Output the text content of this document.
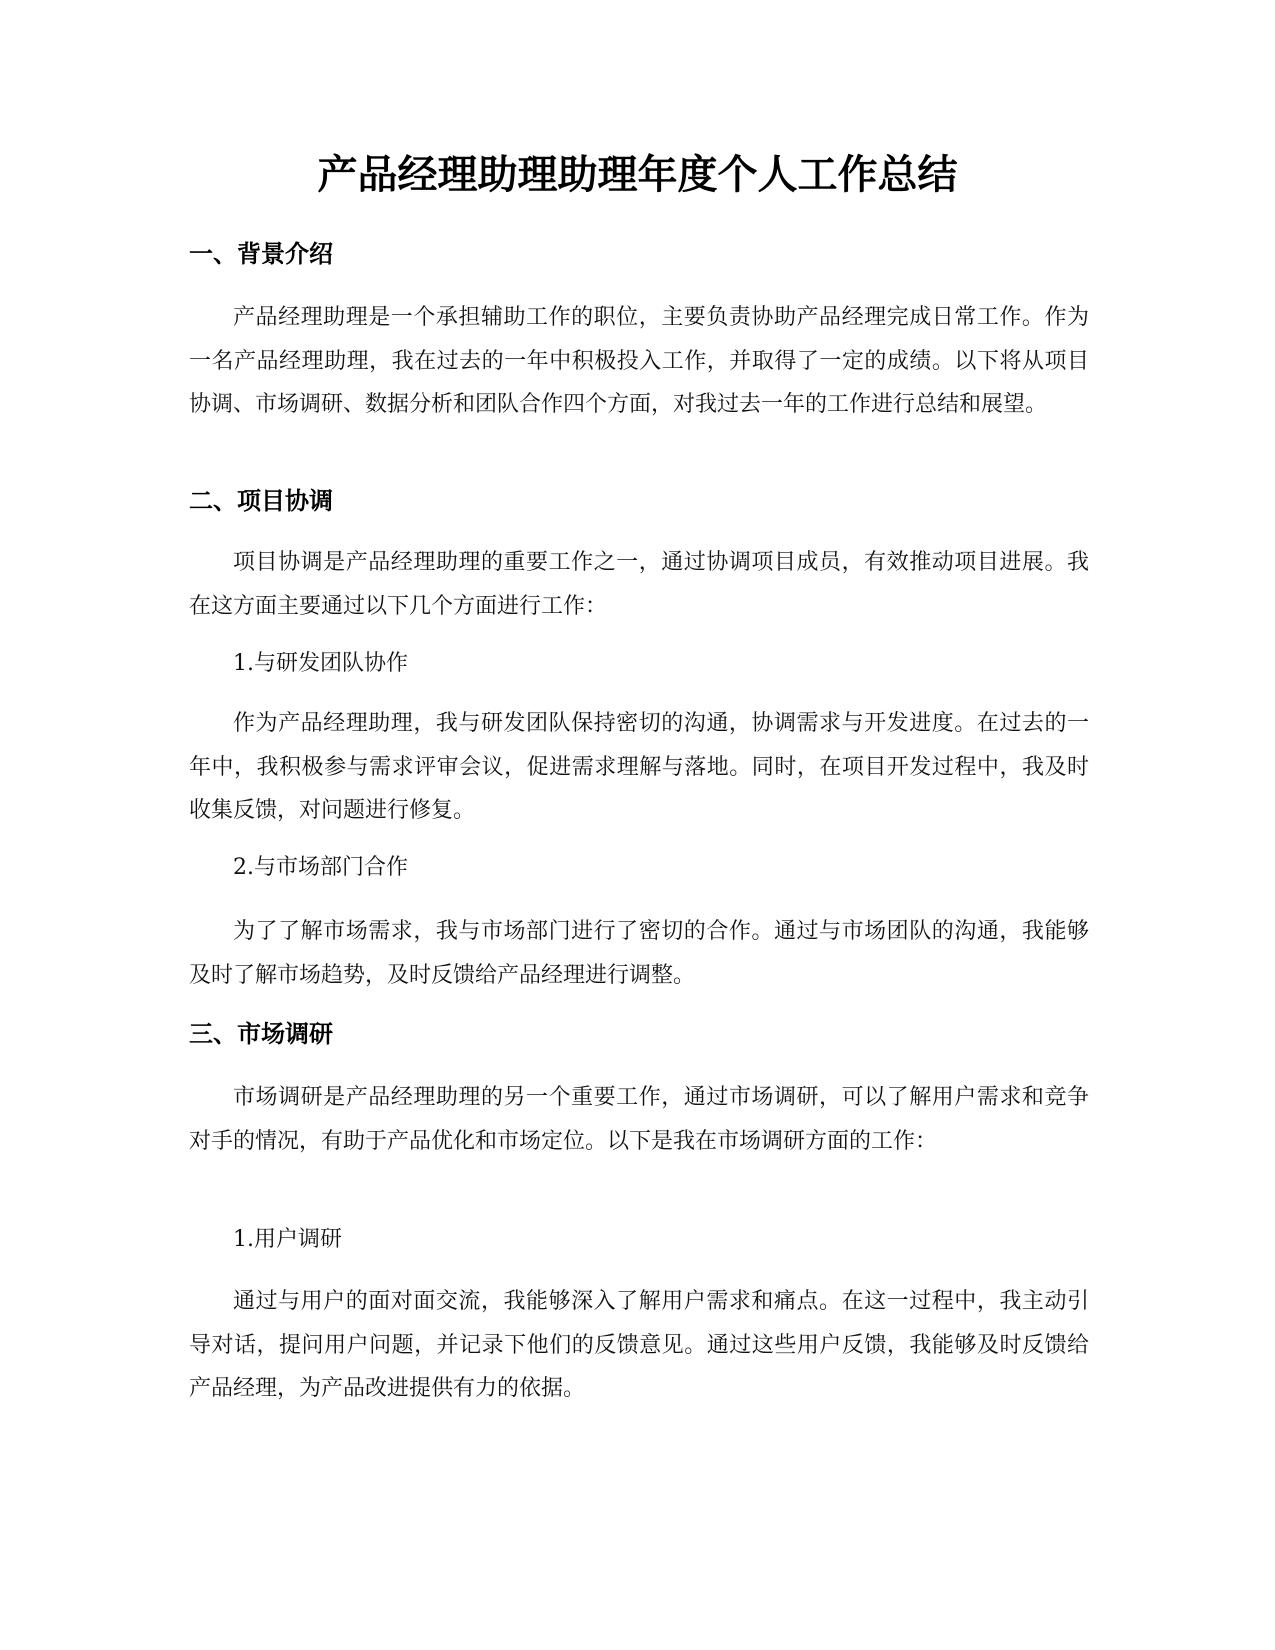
产品经理助理助理年度个人工作总结
一、背景介绍
产品经理助理是一个承担辅助工作的职位，主要负责协助产品经理完成日常工作。作为一名产品经理助理，我在过去的一年中积极投入工作，并取得了一定的成绩。以下将从项目协调、市场调研、数据分析和团队合作四个方面，对我过去一年的工作进行总结和展望。
二、项目协调
项目协调是产品经理助理的重要工作之一，通过协调项目成员，有效推动项目进展。我在这方面主要通过以下几个方面进行工作：
1.与研发团队协作
作为产品经理助理，我与研发团队保持密切的沟通，协调需求与开发进度。在过去的一年中，我积极参与需求评审会议，促进需求理解与落地。同时，在项目开发过程中，我及时收集反馈，对问题进行修复。
2.与市场部门合作
为了了解市场需求，我与市场部门进行了密切的合作。通过与市场团队的沟通，我能够及时了解市场趋势，及时反馈给产品经理进行调整。
三、市场调研
市场调研是产品经理助理的另一个重要工作，通过市场调研，可以了解用户需求和竞争对手的情况，有助于产品优化和市场定位。以下是我在市场调研方面的工作：
1.用户调研
通过与用户的面对面交流，我能够深入了解用户需求和痛点。在这一过程中，我主动引导对话，提问用户问题，并记录下他们的反馈意见。通过这些用户反馈，我能够及时反馈给产品经理，为产品改进提供有力的依据。
